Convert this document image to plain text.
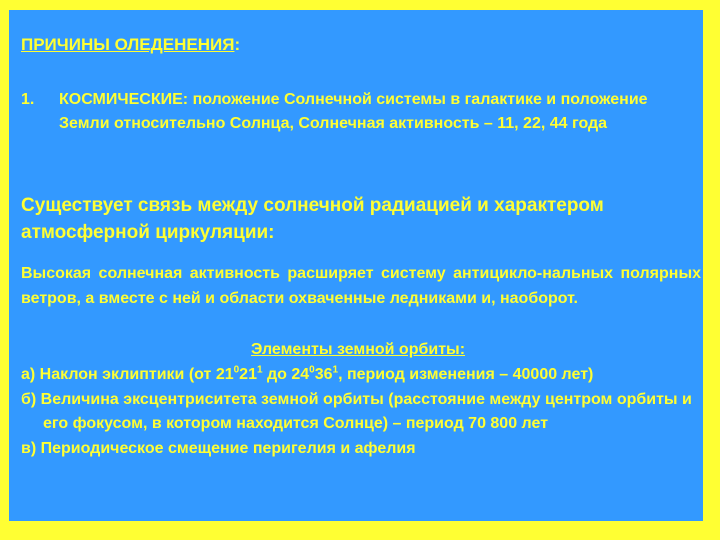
ПРИЧИНЫ ОЛЕДЕНЕНИЯ:
1. КОСМИЧЕСКИЕ: положение Солнечной системы в галактике и положение Земли относительно Солнца, Солнечная активность – 11, 22, 44 года
Существует связь между солнечной радиацией и характером атмосферной циркуляции:
Высокая солнечная активность расширяет систему антицикло-нальных полярных ветров, а вместе с ней и области охваченные ледниками и, наоборот.
Элементы земной орбиты:
а) Наклон эклиптики (от $21^021^1$ до $24^036^1$, период изменения – 40000 лет)
б) Величина эксцентриситета земной орбиты (расстояние между центром орбиты и его фокусом, в котором находится Солнце) – период 70 800 лет
в) Периодическое смещение перигелия и афелия
